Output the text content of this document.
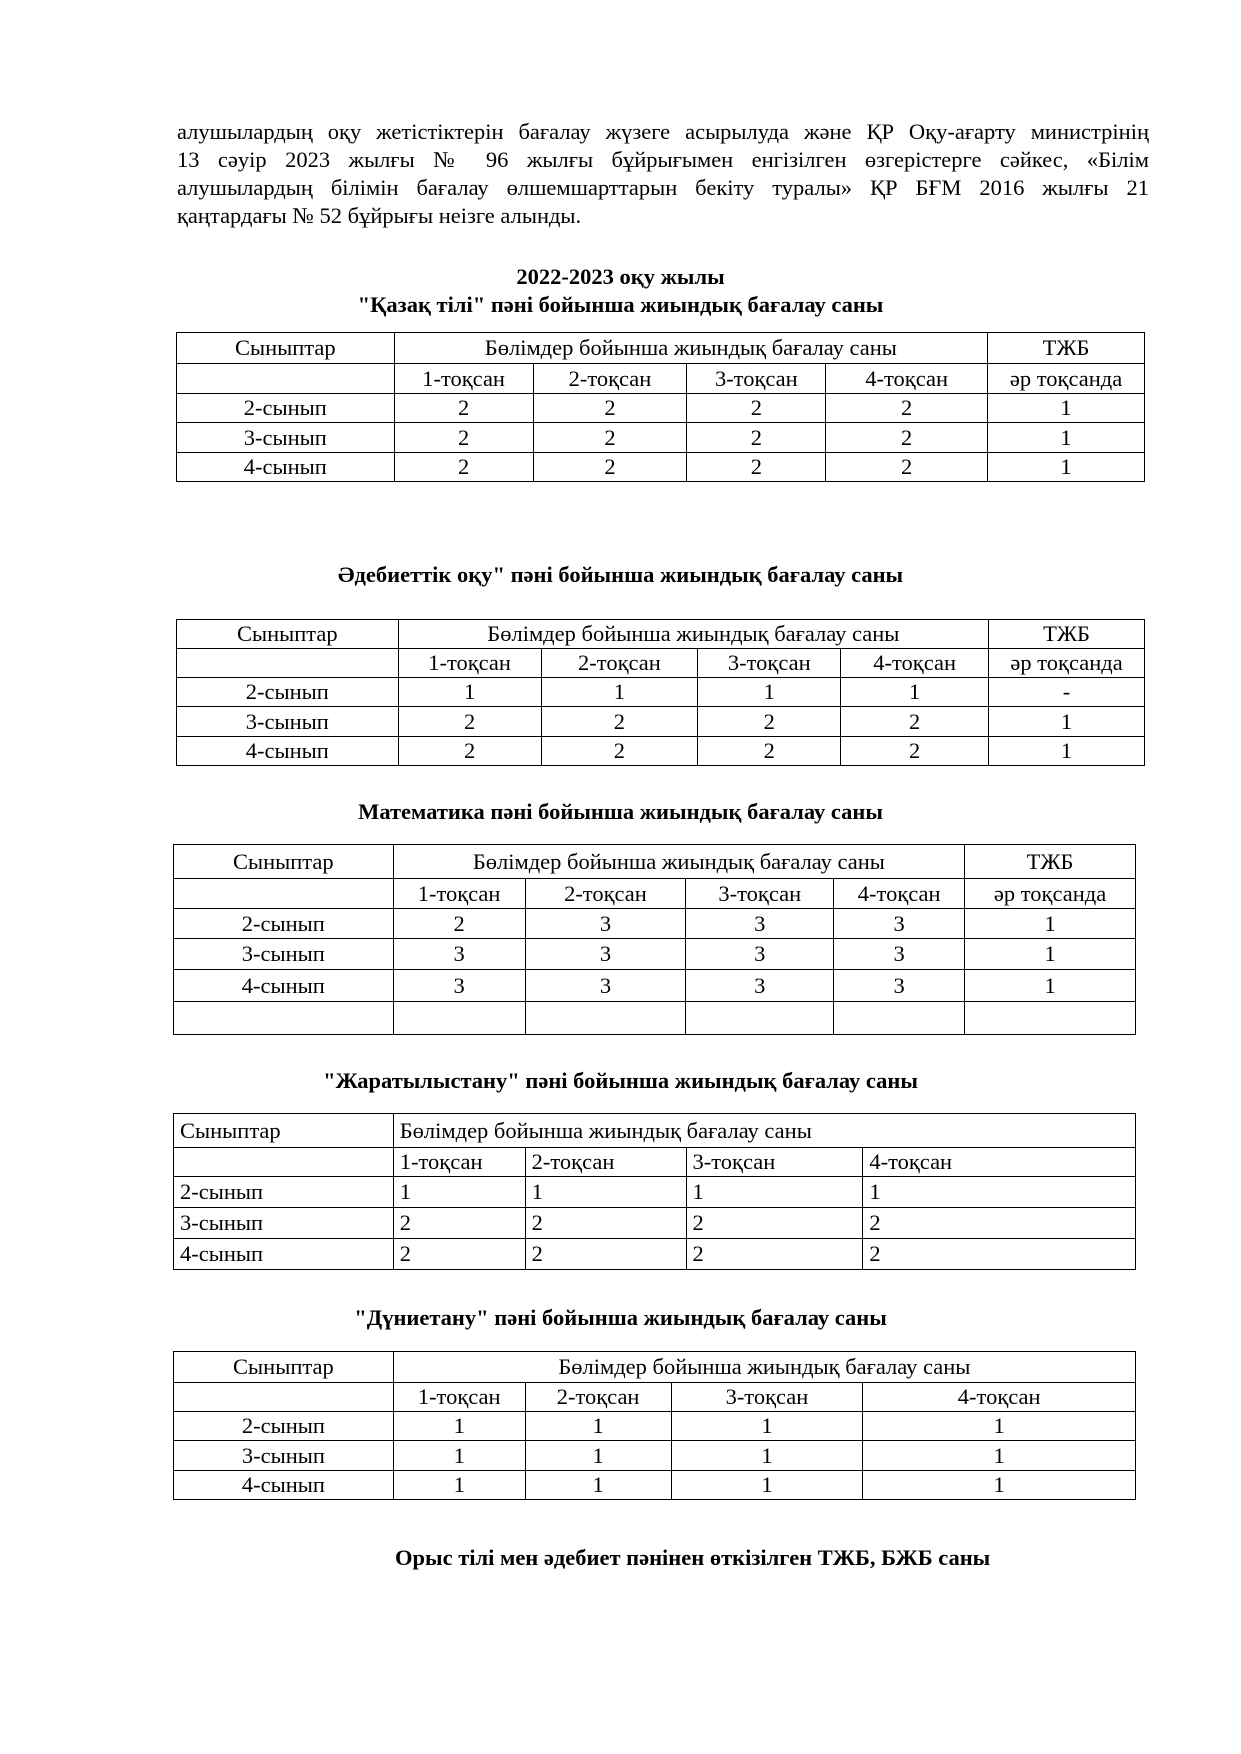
алушылардың оқу жетістіктерін бағалау жүзеге асырылуда және ҚР Оқу-ағарту министрінің
13 сәуір 2023 жылғы № 96 жылғы бұйрығымен енгізілген өзгерістерге сәйкес, «Білім
алушылардың білімін бағалау өлшемшарттарын бекіту туралы» ҚР БҒМ 2016 жылғы 21
қаңтардағы № 52 бұйрығы неізге алынды.
2022-2023 оқу жылы
"Қазақ тілі" пәні бойынша жиындық бағалау саны
Сыныптар	Бөлімдер бойынша жиындық бағалау саны				ТЖБ
	1-тоқсан	2-тоқсан	3-тоқсан	4-тоқсан	әр тоқсанда
2-сынып	2	2	2	2	1
3-сынып	2	2	2	2	1
4-сынып	2	2	2	2	1
Әдебиеттік оқу" пәні бойынша жиындық бағалау саны
Сыныптар	Бөлімдер бойынша жиындық бағалау саны				ТЖБ
	1-тоқсан	2-тоқсан	3-тоқсан	4-тоқсан	әр тоқсанда
2-сынып	1	1	1	1	-
3-сынып	2	2	2	2	1
4-сынып	2	2	2	2	1
Математика пәні бойынша жиындық бағалау саны
Сыныптар	Бөлімдер бойынша жиындық бағалау саны				ТЖБ
	1-тоқсан	2-тоқсан	3-тоқсан	4-тоқсан	әр тоқсанда
2-сынып	2	3	3	3	1
3-сынып	3	3	3	3	1
4-сынып	3	3	3	3	1

"Жаратылыстану" пәні бойынша жиындық бағалау саны
Сыныптар	Бөлімдер бойынша жиындық бағалау саны			
	1-тоқсан	2-тоқсан	3-тоқсан	4-тоқсан
2-сынып	1	1	1	1
3-сынып	2	2	2	2
4-сынып	2	2	2	2
"Дүниетану" пәні бойынша жиындық бағалау саны
Сыныптар	Бөлімдер бойынша жиындық бағалау саны			
	1-тоқсан	2-тоқсан	3-тоқсан	4-тоқсан
2-сынып	1	1	1	1
3-сынып	1	1	1	1
4-сынып	1	1	1	1
Орыс тілі мен әдебиет пәнінен өткізілген ТЖБ, БЖБ саны
